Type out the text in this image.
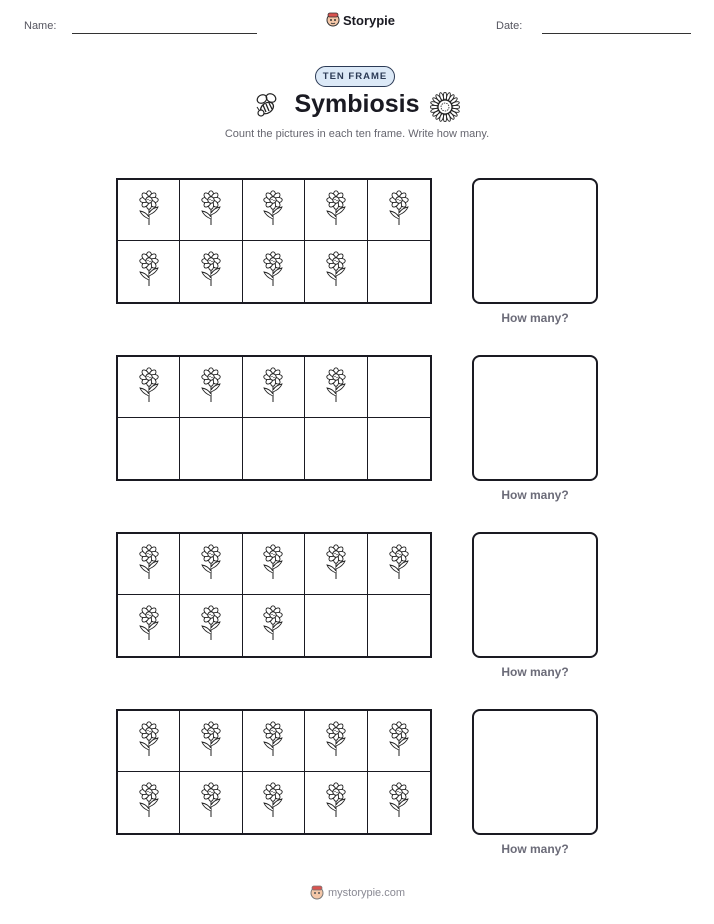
Name:	Storypie	Date:
TEN FRAME
Symbiosis
Count the pictures in each ten frame. Write how many.
How many?
How many?
How many?
How many?
mystorypie.com
